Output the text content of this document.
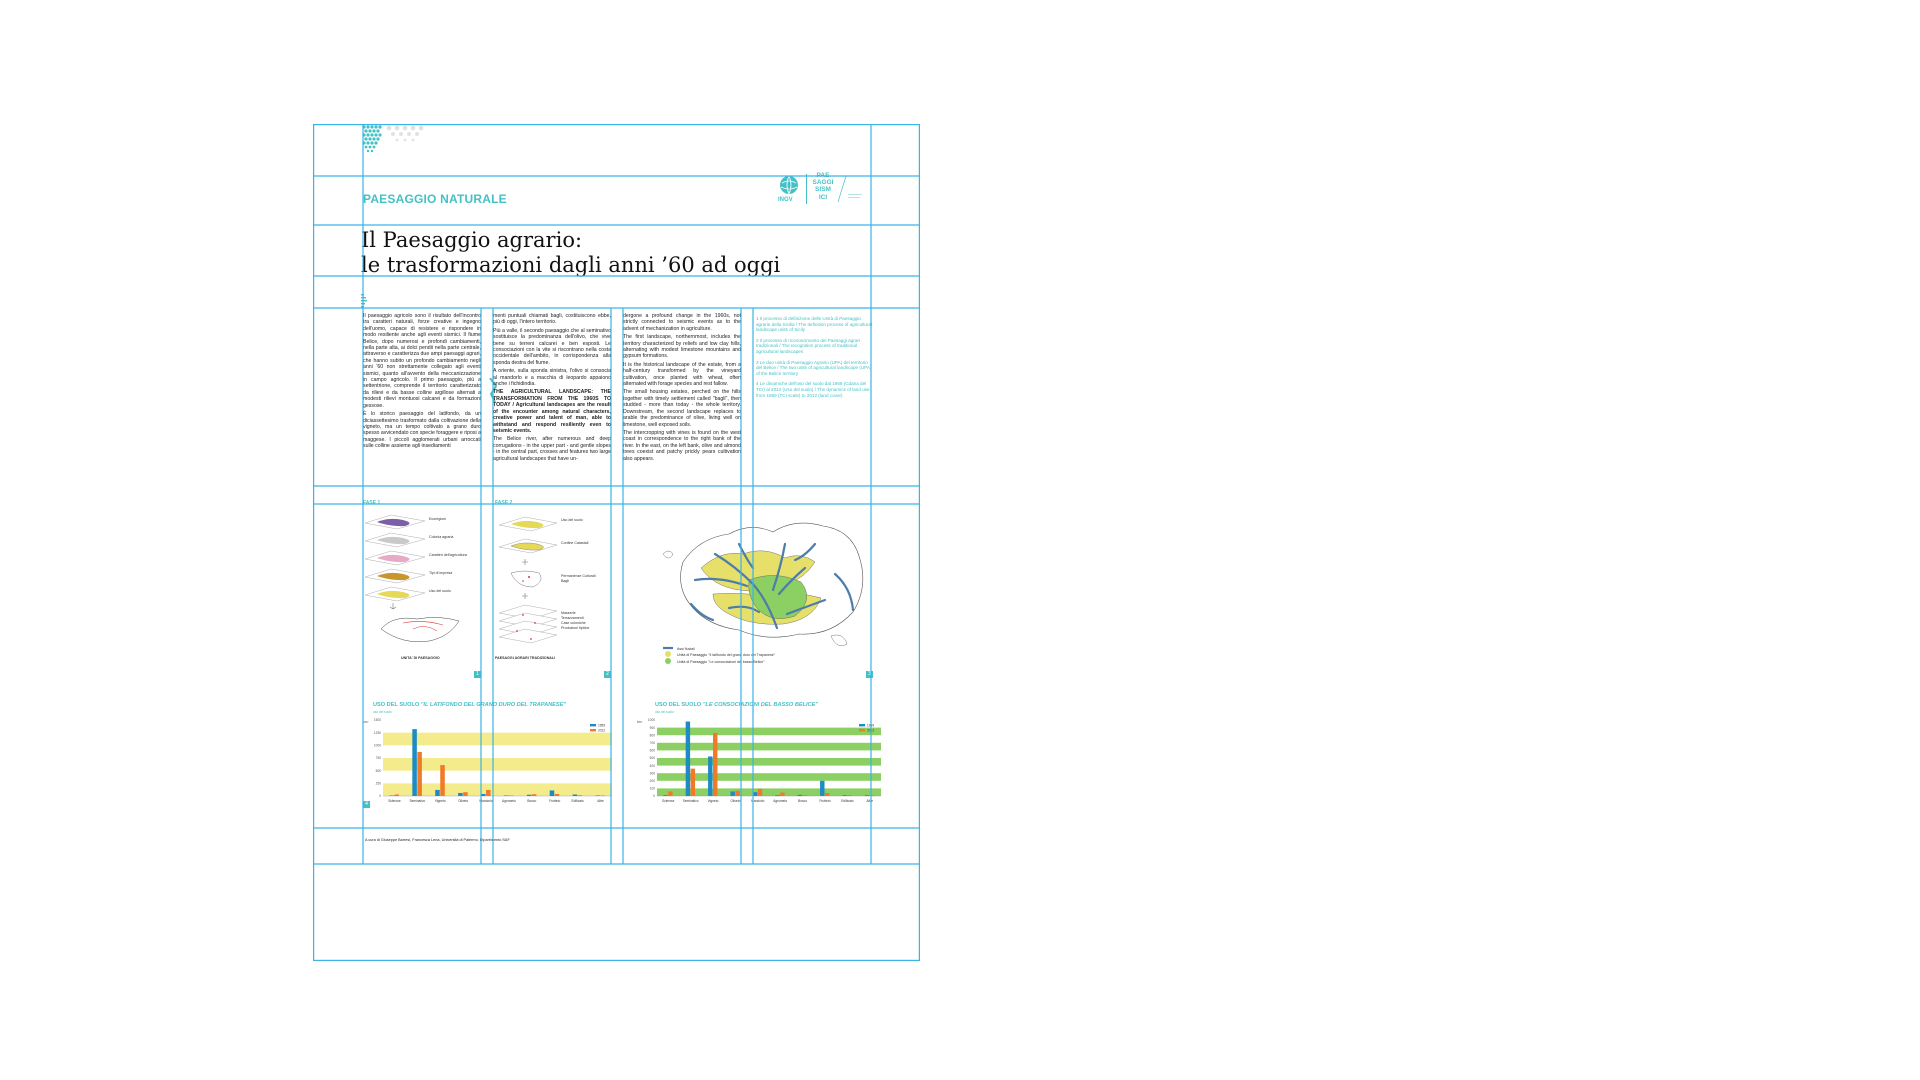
PAESAGGIO NATURALE	INGV
PAE
SAGGI
SISM
ICI
Il Paesaggio agrario:
le trasformazioni dagli anni ’60 ad oggi

Il paesaggio agricolo sono il risultato dell'incontro tra caratteri naturali, forze creative e ingegno dell'uomo, capace di resistere e rispondere in modo resiliente anche agli eventi sismici. Il fiume Belice, dopo numerosi e profondi cambiamenti, nella parte alta, ai dolci pendii nella parte centrale, attraverso e caratterizza due ampi paesaggi agrari, che hanno subito un profondo cambiamento negli anni '60 non strettamente collegato agli eventi sismici, quanto all'avvento della meccanizzazione in campo agricolo. Il primo paesaggio, più a settentrione, comprende il territorio caratterizzato da rilievi e da basse colline argillose alternati a modesti rilievi montuosi calcarei e da formazioni gessose.

È lo storico paesaggio del latifondo, da un diciassettesimo trasformato dalla coltivazione della vigneto, ma un tempo coltivato a grano duro spesso avvicendato con specie foraggere e riposi a maggese. I piccoli agglomerati urbani arroccati sulle colline assieme agli insediamenti

menti puntuali chiamati bagli, costituiscono ebbe, più di oggi, l'intero territorio.

Più a valle, il secondo paesaggio che al seminativo sostituisce la predominanza dell'olivo, che vive bene su terreni calcarei e ben esposti. Le consociazioni con la vite si riscontrano nella costa occidentale dell'ambito, in corrispondenza alla sponda destra del fiume.

A oriente, sulla sponda sinistra, l'olivo si consocia al mandorlo e a macchia di leopardo appaiono anche i fichidindia.

THE AGRICULTURAL LANDSCAPE: THE TRANSFORMATION FROM THE 1960S TO TODAY / Agricultural landscapes are the result of the encounter among natural characters, creative power and talent of man, able to withstand and respond resiliently even to seismic events.

The Belice river, after numerous and deep corrugations - in the upper part - and gentle slopes - in the central part, crosses and features two large agricultural landscapes that have un-

dergone a profound change in the 1960s, not strictly connected to seismic events as to the advent of mechanization in agriculture.

The first landscape, northernmost, includes the territory characterized by reliefs and low clay hills, alternating with modest limestone mountains and gypsum formations.

It is the historical landscape of the estate, from a half-century transformed by the vineyard cultivation, once planted with wheat, often alternated with forage species and rest fallow.

The small housing estates, perched on the hills together with timely settlement called "bagli", then studded - more than today - the whole territory. Downstream, the second landscape replaces to arable the predominance of olive, living well on limestone, well exposed soils.

The intercropping with vines is found on the west coast in correspondence to the right bank of the river. In the east, on the left bank, olive and almond trees coexist and patchy prickly pears cultivation also appears.

1 Il processo di definizione delle Unità di Paesaggio agrarie della Sicilia / The definition process of agricultural landscape units of Sicily

2 Il processo di riconoscimento dei Paesaggi agrari tradizionali / The recognition process of traditional agricultural landscapes

3 Le due unità di Paesaggio Agrario (UPA) del territorio del Belice / The two units of agricultural landscape (UPA) of the Belice territory

4 Le dinamiche dell'uso del suolo dal 1959 (Cdana del TCI) al 2012 (Uso del suolo) / The dynamics of land use from 1959 (TCI scale) to 2012 (land cover)

FASE 1
Ecoregioni
Colonia agraria
Caratteri dell'agricoltura
Tipi di impresa
Uso del suolo
UNITA' DI PAESAGGIO
1
FASE 2
Uso del suolo
Confine Catastali
Permanenze Culturali
Bagli
Masserie
Terrazzamenti
Case coloniche
Produzioni tipiche
PAESAGGI AGRARI TRADIZIONALI
2
Assi fluviali
Unità di Paesaggio "Il latifondo del grano duro del Trapanese"
Unità di Paesaggio "Le consociazioni del basso Belice"
3
USO DEL SUOLO "IL LATIFONDO DEL GRANO DURO DEL TRAPANESE"
uso del suolo
0
250
500
750
1000
1250
1500
km²
Sclerose	Seminativo	Vigneto	Oliveto	Mandorlo	Agrumeto	Bosco	Frutteto	Edificato	Altre
1959
2012
4
USO DEL SUOLO "LE CONSOCIAZIONI DEL BASSO BELICE"
uso del suolo
0
100
200
300
400
500
600
700
800
900
1000
km²
Sclerose	Seminativo	Vigneto	Oliveto	Mandorlo	Agrumeto	Bosco	Frutteto	Edificato	Altre
1959
2012
A cura di Giuseppe Barresi, Francesca Lena, Università di Palermo, Dipartimento SAF
